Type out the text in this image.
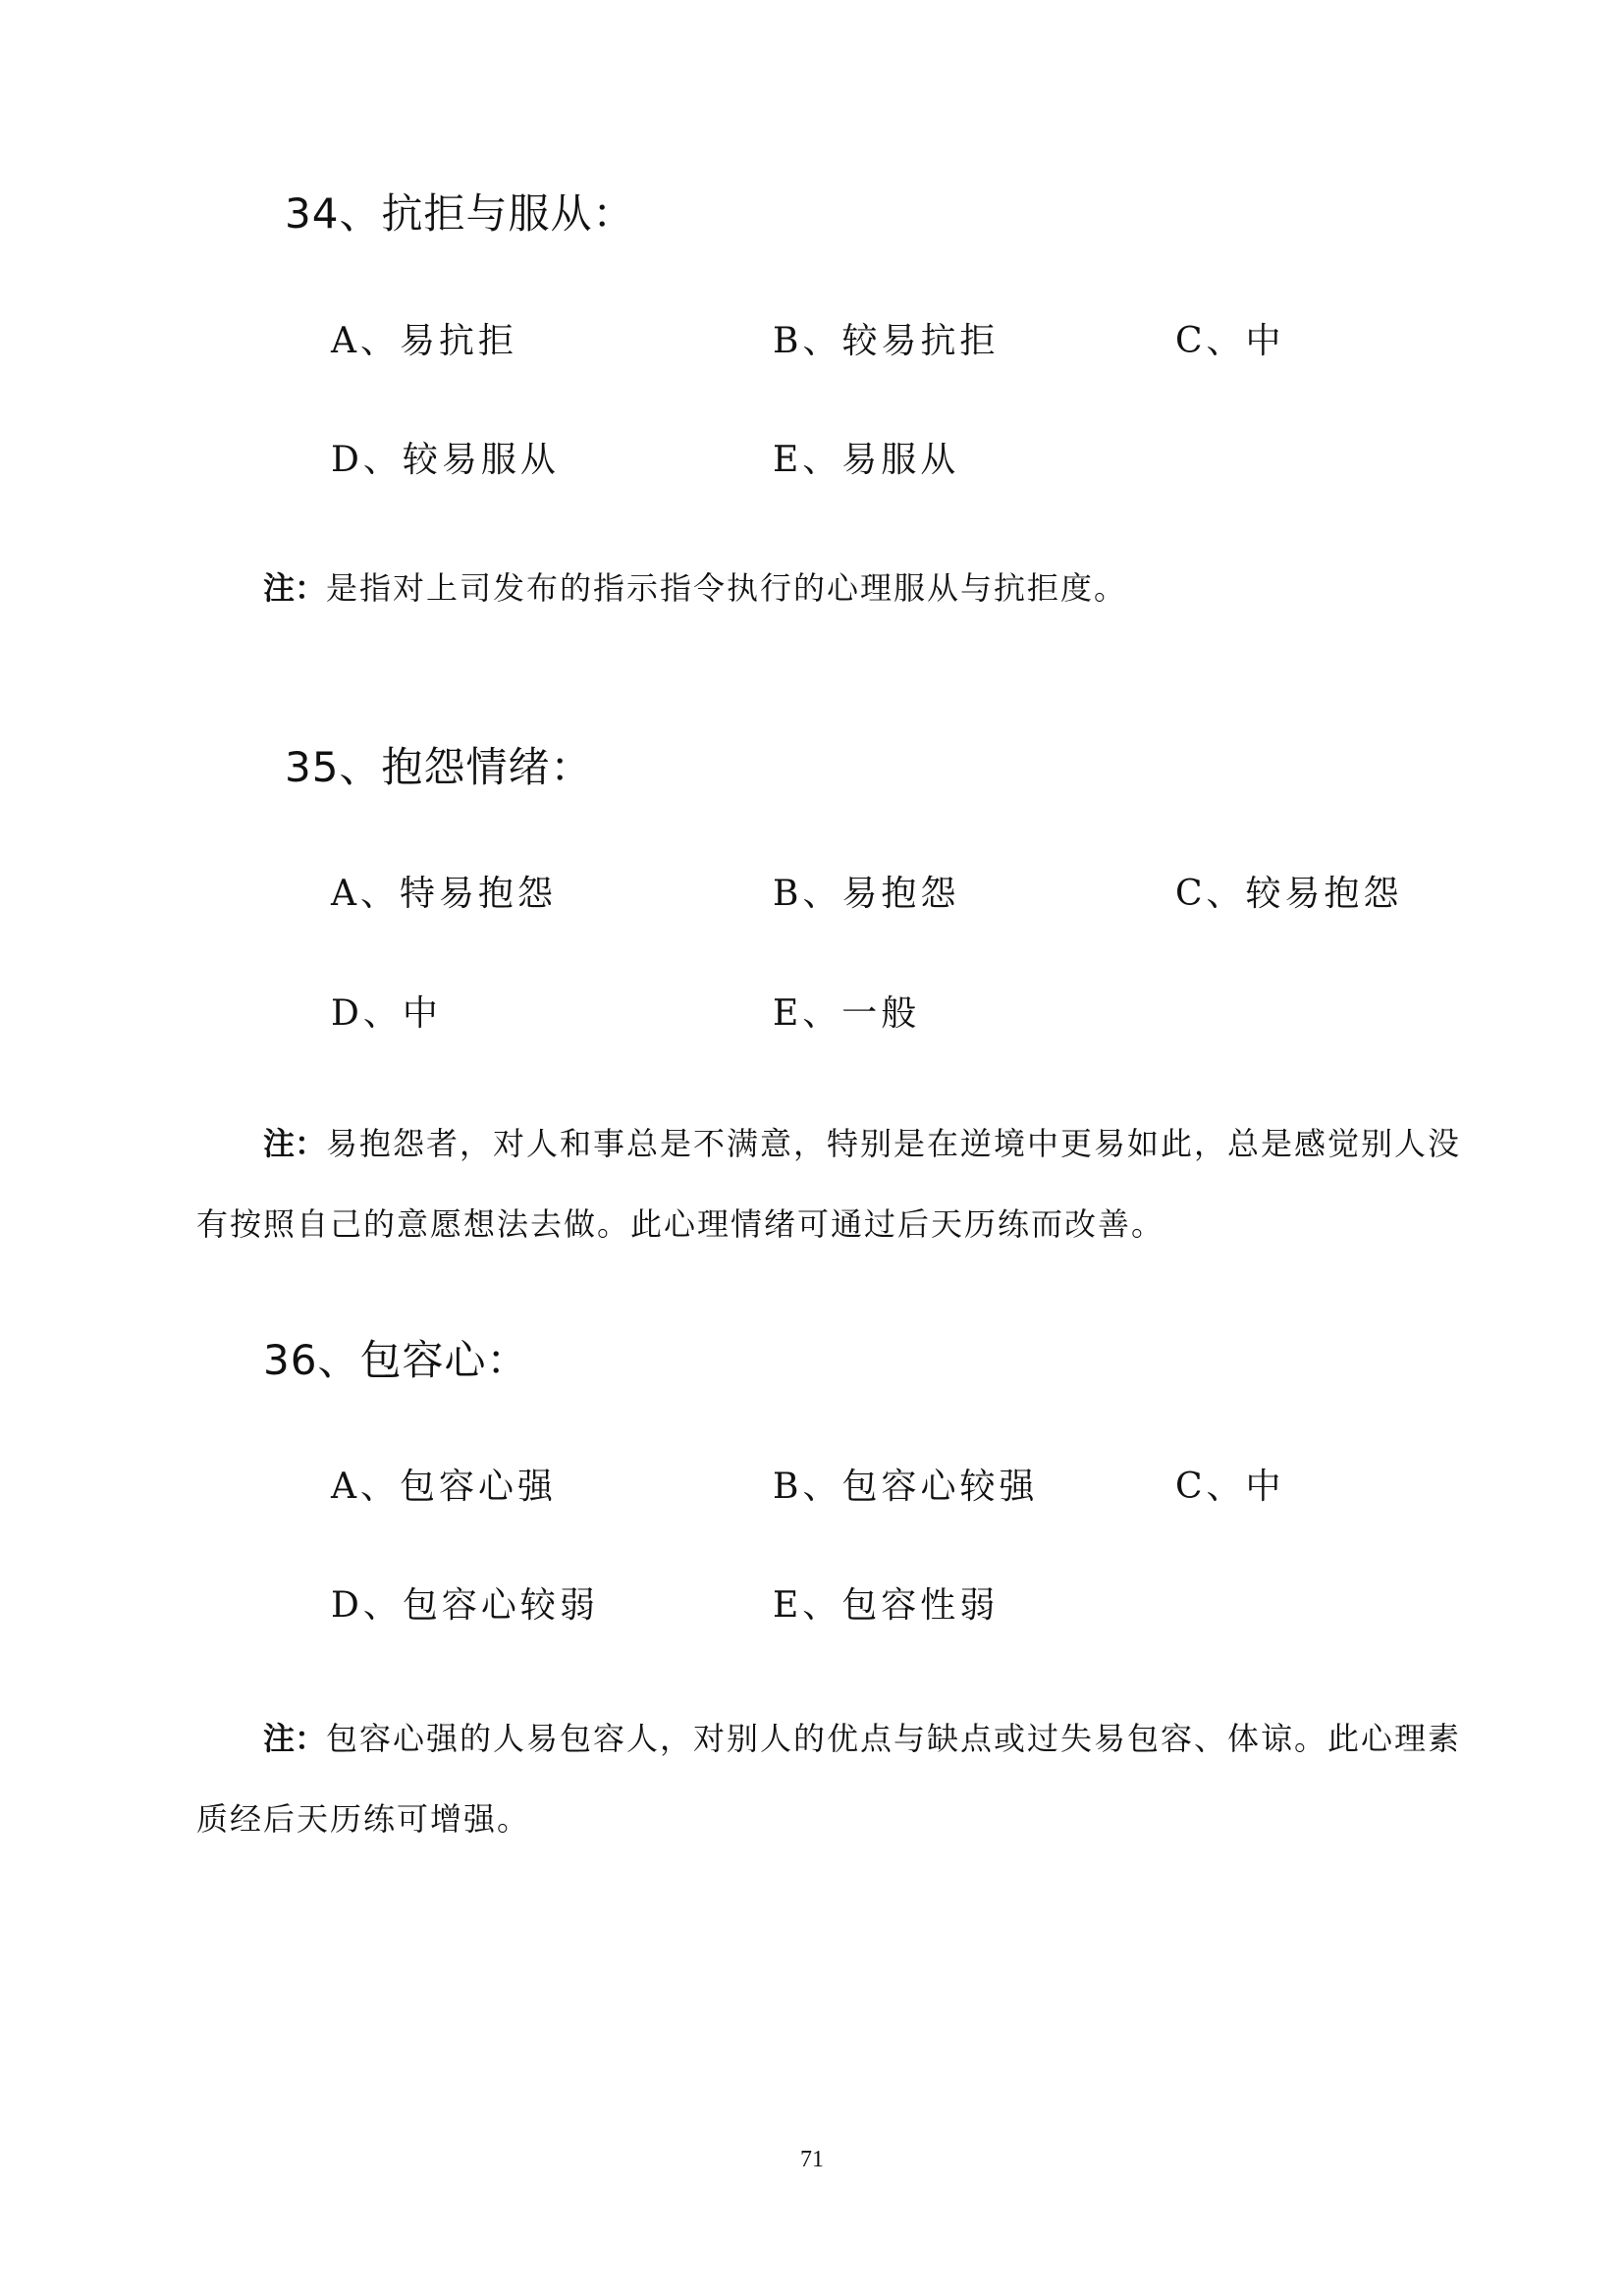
34、抗拒与服从：
A、易抗拒	B、较易抗拒	C、中
D、较易服从	E、易服从

注：是指对上司发布的指示指令执行的心理服从与抗拒度。

35、抱怨情绪：
A、特易抱怨	B、易抱怨	C、较易抱怨
D、中	E、一般

注：易抱怨者，对人和事总是不满意，特别是在逆境中更易如此，总是感觉别人没有按照自己的意愿想法去做。此心理情绪可通过后天历练而改善。

36、包容心：
A、包容心强	B、包容心较强	C、中
D、包容心较弱	E、包容性弱

注：包容心强的人易包容人，对别人的优点与缺点或过失易包容、体谅。此心理素质经后天历练可增强。

71
